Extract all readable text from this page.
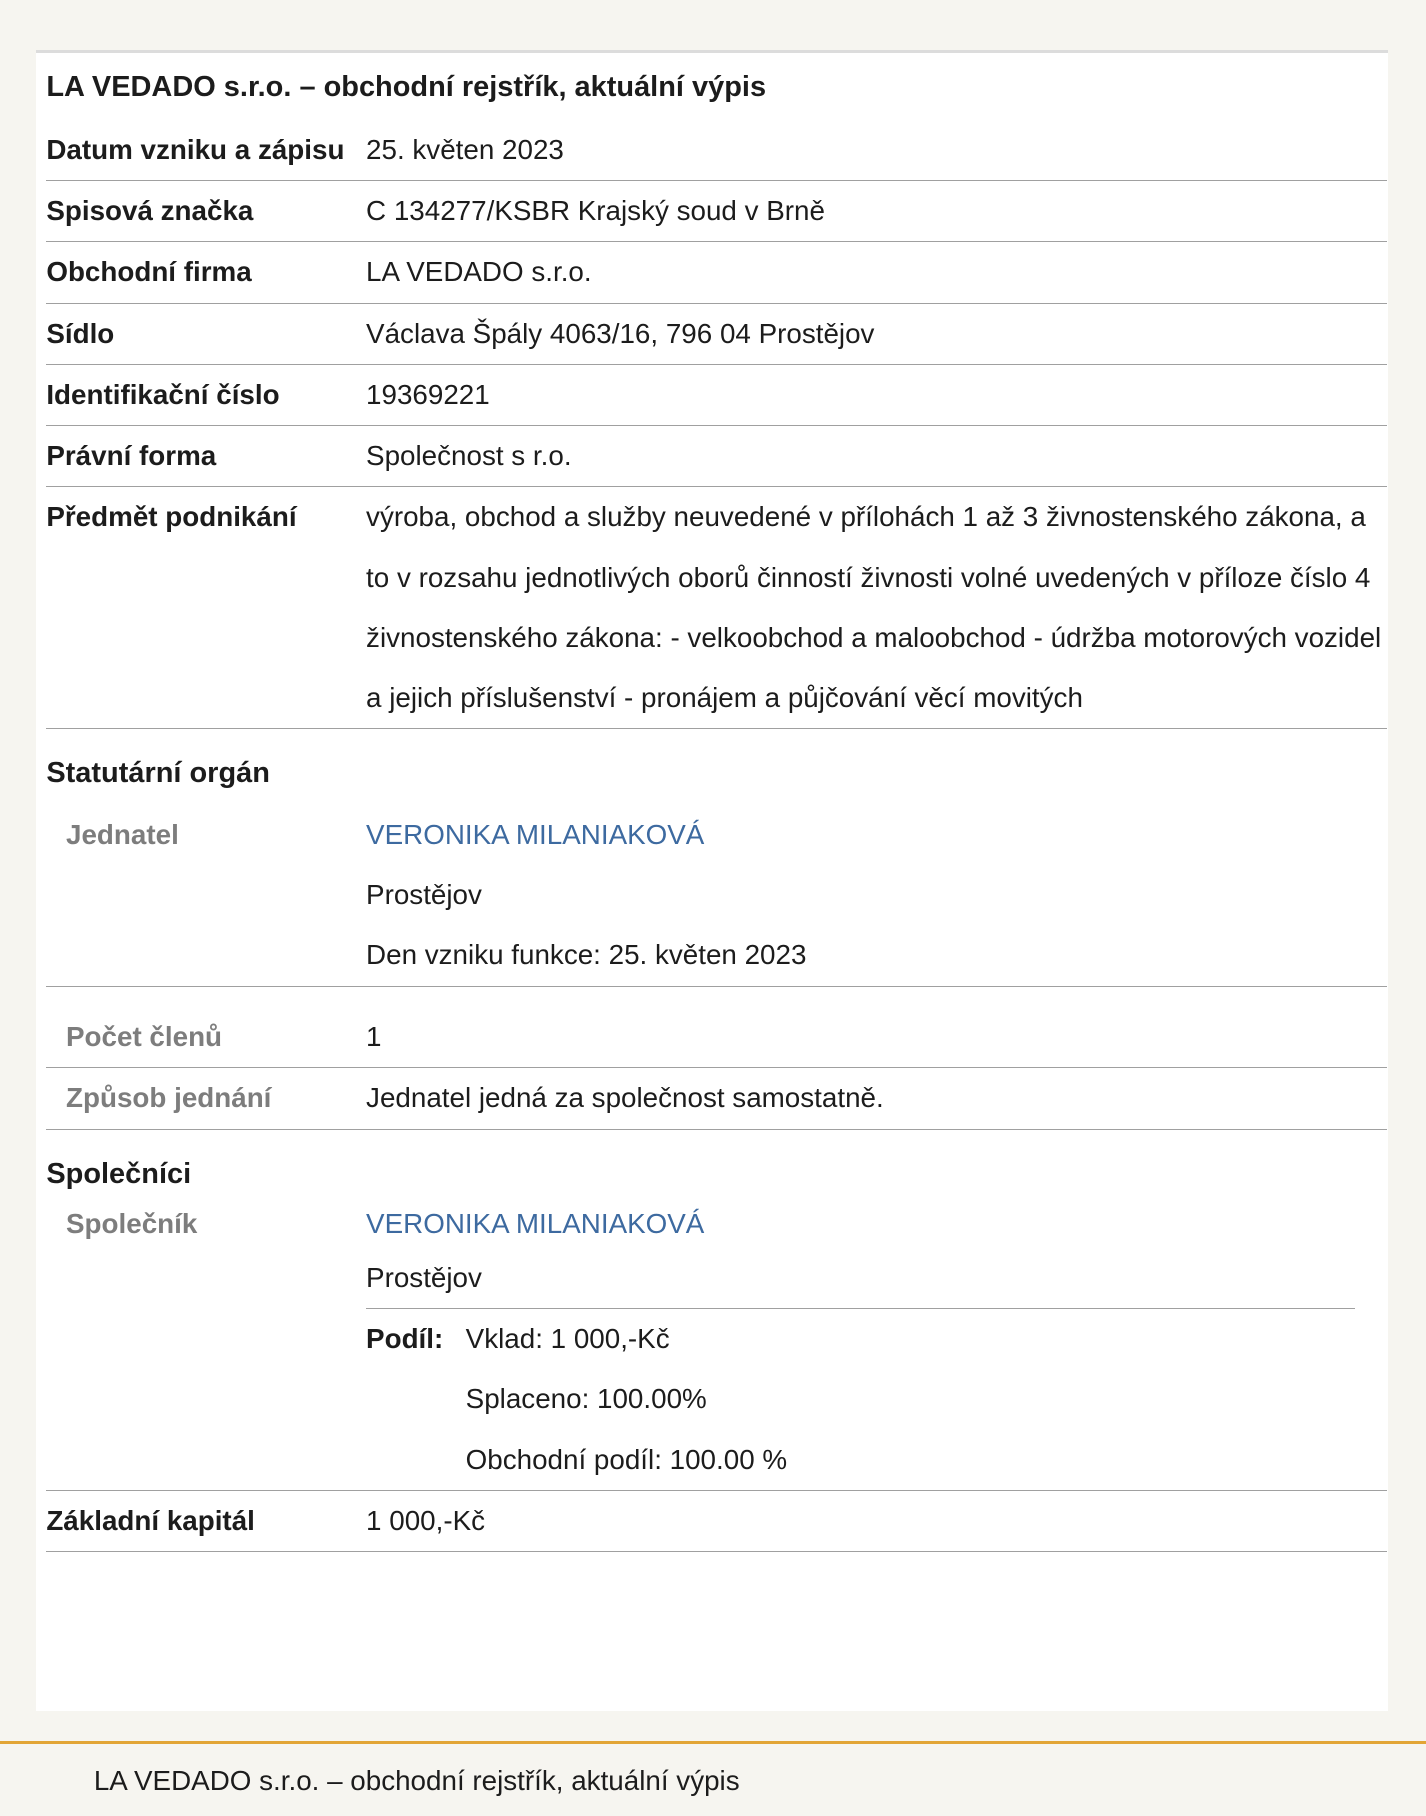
LA VEDADO s.r.o. – obchodní rejstřík, aktuální výpis
Datum vzniku a zápisu 25. květen 2023
Spisová značka	C 134277/KSBR Krajský soud v Brně
Obchodní firma	LA VEDADO s.r.o.
Sídlo	Václava Špály 4063/16, 796 04 Prostějov
Identifikační číslo	19369221
Právní forma	Společnost s r.o.
Předmět podnikání	výroba, obchod a služby neuvedené v přílohách 1 až 3 živnostenského zákona, a to v rozsahu jednotlivých oborů činností živnosti volné uvedených v příloze číslo 4 živnostenského zákona: - velkoobchod a maloobchod - údržba motorových vozidel a jejich příslušenství - pronájem a půjčování věcí movitých
Statutární orgán
Jednatel	VERONIKA MILANIAKOVÁ
Prostějov
Den vzniku funkce: 25. květen 2023
Počet členů	1
Způsob jednání	Jednatel jedná za společnost samostatně.
Společníci
Společník	VERONIKA MILANIAKOVÁ
Prostějov
Podíl: Vklad: 1 000,-Kč
Splaceno: 100.00%
Obchodní podíl: 100.00 %
Základní kapitál	1 000,-Kč
LA VEDADO s.r.o. – obchodní rejstřík, aktuální výpis
